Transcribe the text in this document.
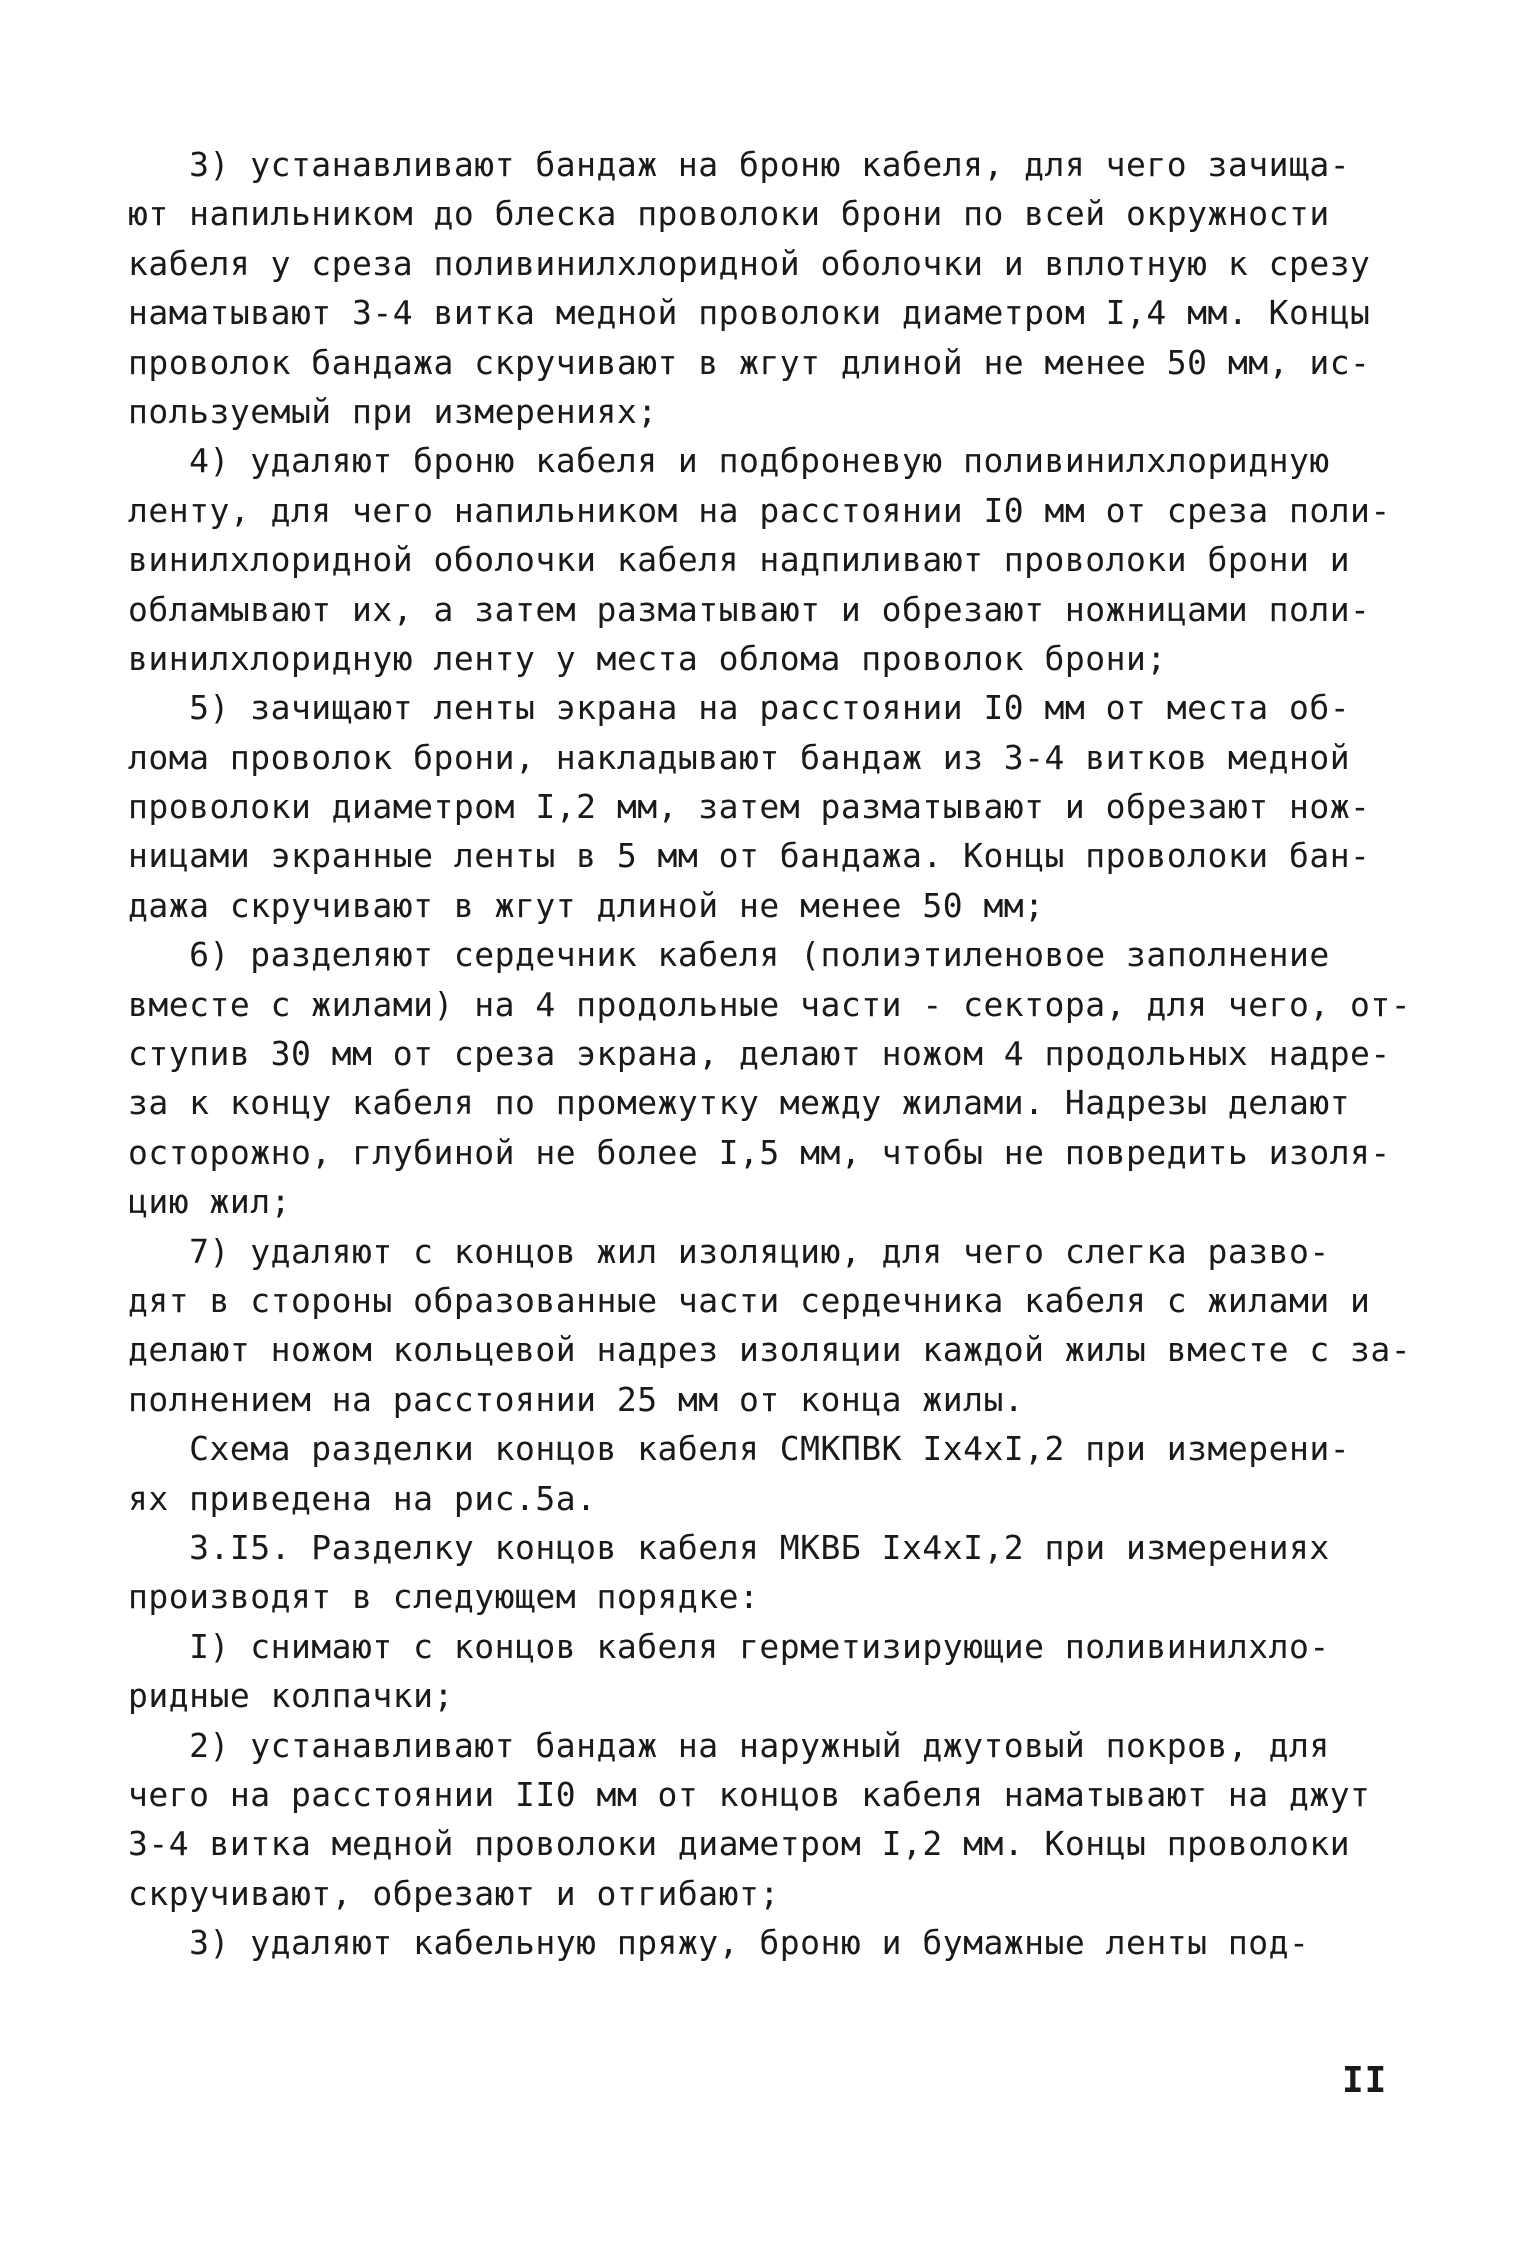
3) устанавливают бандаж на броню кабеля, для чего зачища-
ют напильником до блеска проволоки брони по всей окружности
кабеля у среза поливинилхлоридной оболочки и вплотную к срезу
наматывают 3-4 витка медной проволоки диаметром I,4 мм. Концы
проволок бандажа скручивают в жгут длиной не менее 50 мм, ис-
пользуемый при измерениях;
4) удаляют броню кабеля и подброневую поливинилхлоридную
ленту, для чего напильником на расстоянии I0 мм от среза поли-
винилхлоридной оболочки кабеля надпиливают проволоки брони и
обламывают их, а затем разматывают и обрезают ножницами поли-
винилхлоридную ленту у места облома проволок брони;
5) зачищают ленты экрана на расстоянии I0 мм от места об-
лома проволок брони, накладывают бандаж из 3-4 витков медной
проволоки диаметром I,2 мм, затем разматывают и обрезают нож-
ницами экранные ленты в 5 мм от бандажа. Концы проволоки бан-
дажа скручивают в жгут длиной не менее 50 мм;
6) разделяют сердечник кабеля (полиэтиленовое заполнение
вместе с жилами) на 4 продольные части - сектора, для чего, от-
ступив 30 мм от среза экрана, делают ножом 4 продольных надре-
за к концу кабеля по промежутку между жилами. Надрезы делают
осторожно, глубиной не более I,5 мм, чтобы не повредить изоля-
цию жил;
7) удаляют с концов жил изоляцию, для чего слегка разво-
дят в стороны образованные части сердечника кабеля с жилами и
делают ножом кольцевой надрез изоляции каждой жилы вместе с за-
полнением на расстоянии 25 мм от конца жилы.
Схема разделки концов кабеля СМКПВК Iх4хI,2 при измерени-
ях приведена на рис.5а.
3.I5. Разделку концов кабеля МКВБ Iх4хI,2 при измерениях
производят в следующем порядке:
I) снимают с концов кабеля герметизирующие поливинилхло-
ридные колпачки;
2) устанавливают бандаж на наружный джутовый покров, для
чего на расстоянии II0 мм от концов кабеля наматывают на джут
3-4 витка медной проволоки диаметром I,2 мм. Концы проволоки
скручивают, обрезают и отгибают;
3) удаляют кабельную пряжу, броню и бумажные ленты под-
II
